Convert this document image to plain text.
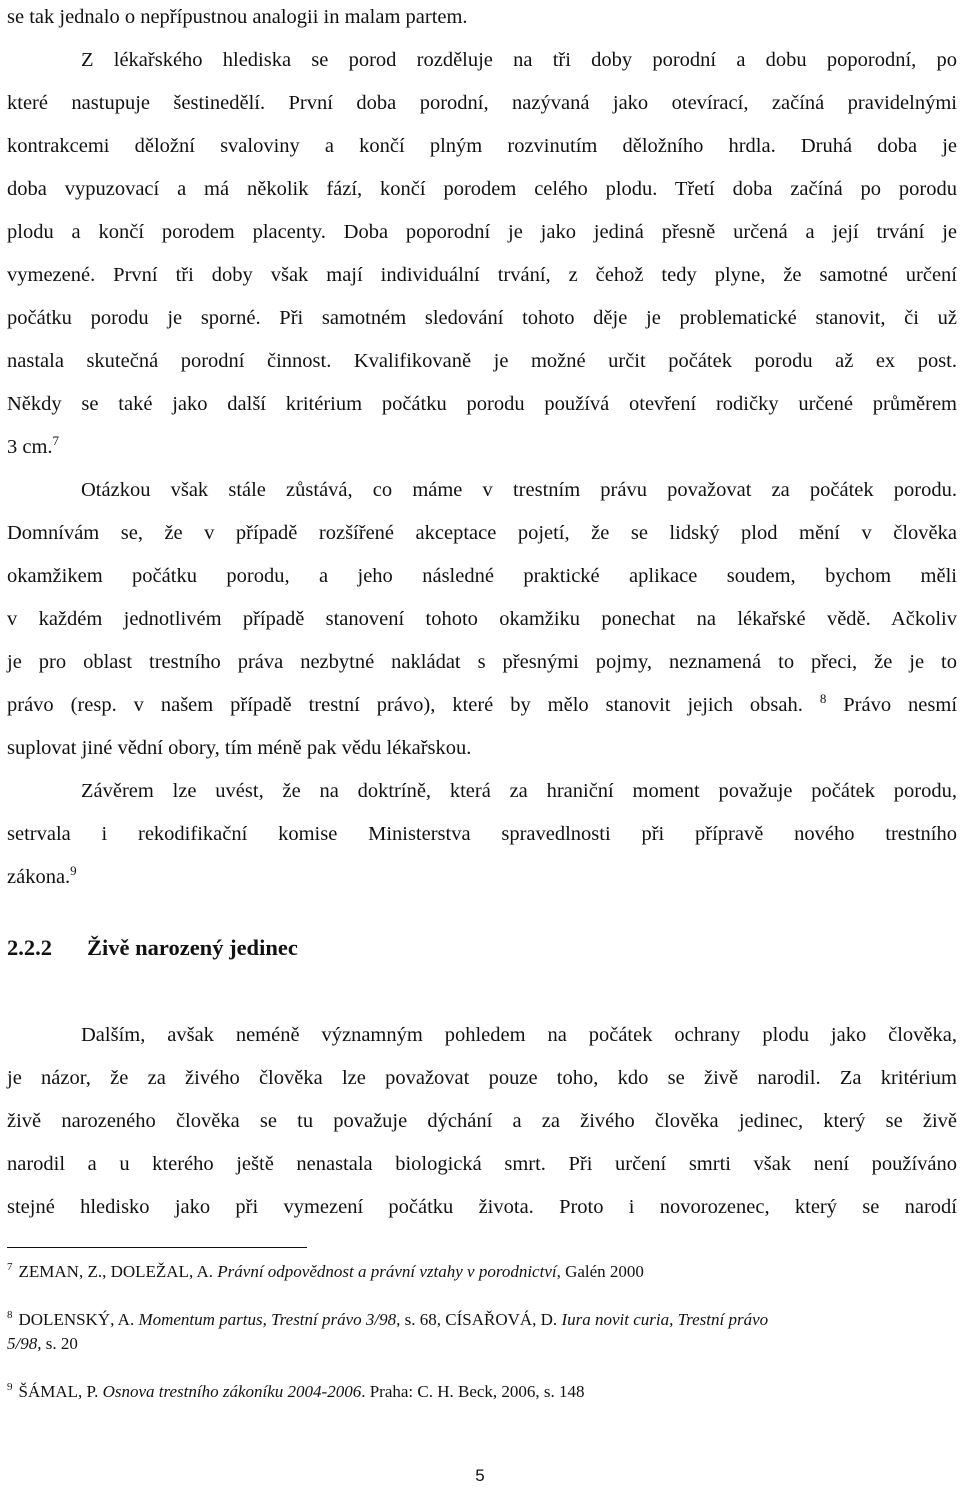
se tak jednalo o nepřípustnou analogii in malam partem.
Z lékařského hlediska se porod rozděluje na tři doby porodní a dobu poporodní, po
které nastupuje šestinedělí. První doba porodní, nazývaná jako otevírací, začíná pravidelnými
kontrakcemi děložní svaloviny a končí plným rozvinutím děložního hrdla. Druhá doba je
doba vypuzovací a má několik fází, končí porodem celého plodu. Třetí doba začíná po porodu
plodu a končí porodem placenty. Doba poporodní je jako jediná přesně určená a její trvání je
vymezené. První tři doby však mají individuální trvání, z čehož tedy plyne, že samotné určení
počátku porodu je sporné. Při samotném sledování tohoto děje je problematické stanovit, či už
nastala skutečná porodní činnost. Kvalifikovaně je možné určit počátek porodu až ex post.
Někdy se také jako další kritérium počátku porodu používá otevření rodičky určené průměrem
3 cm.$^7$
Otázkou však stále zůstává, co máme v trestním právu považovat za počátek porodu.
Domnívám se, že v případě rozšířené akceptace pojetí, že se lidský plod mění v člověka
okamžikem počátku porodu, a jeho následné praktické aplikace soudem, bychom měli
v každém jednotlivém případě stanovení tohoto okamžiku ponechat na lékařské vědě. Ačkoliv
je pro oblast trestního práva nezbytné nakládat s přesnými pojmy, neznamená to přeci, že je to
právo (resp. v našem případě trestní právo), které by mělo stanovit jejich obsah. $^8$ Právo nesmí
suplovat jiné vědní obory, tím méně pak vědu lékařskou.
Závěrem lze uvést, že na doktríně, která za hraniční moment považuje počátek porodu,
setrvala i rekodifikační komise Ministerstva spravedlnosti při přípravě nového trestního
zákona.$^9$
Dalším, avšak neméně významným pohledem na počátek ochrany plodu jako člověka,
je názor, že za živého člověka lze považovat pouze toho, kdo se živě narodil. Za kritérium
živě narozeného člověka se tu považuje dýchání a za živého člověka jedinec, který se živě
narodil a u kterého ještě nenastala biologická smrt. Při určení smrti však není používáno
stejné hledisko jako při vymezení počátku života. Proto i novorozenec, který se narodí
2.2.2 Živě narozený jedinec
$^7$ ZEMAN, Z., DOLEŽAL, A. Právní odpovědnost a právní vztahy v porodnictví, Galén 2000
$^8$ DOLENSKÝ, A. Momentum partus, Trestní právo 3/98, s. 68, CÍSAŘOVÁ, D. Iura novit curia, Trestní právo
5/98, s. 20
$^9$ ŠÁMAL, P. Osnova trestního zákoníku 2004-2006. Praha: C. H. Beck, 2006, s. 148
5
